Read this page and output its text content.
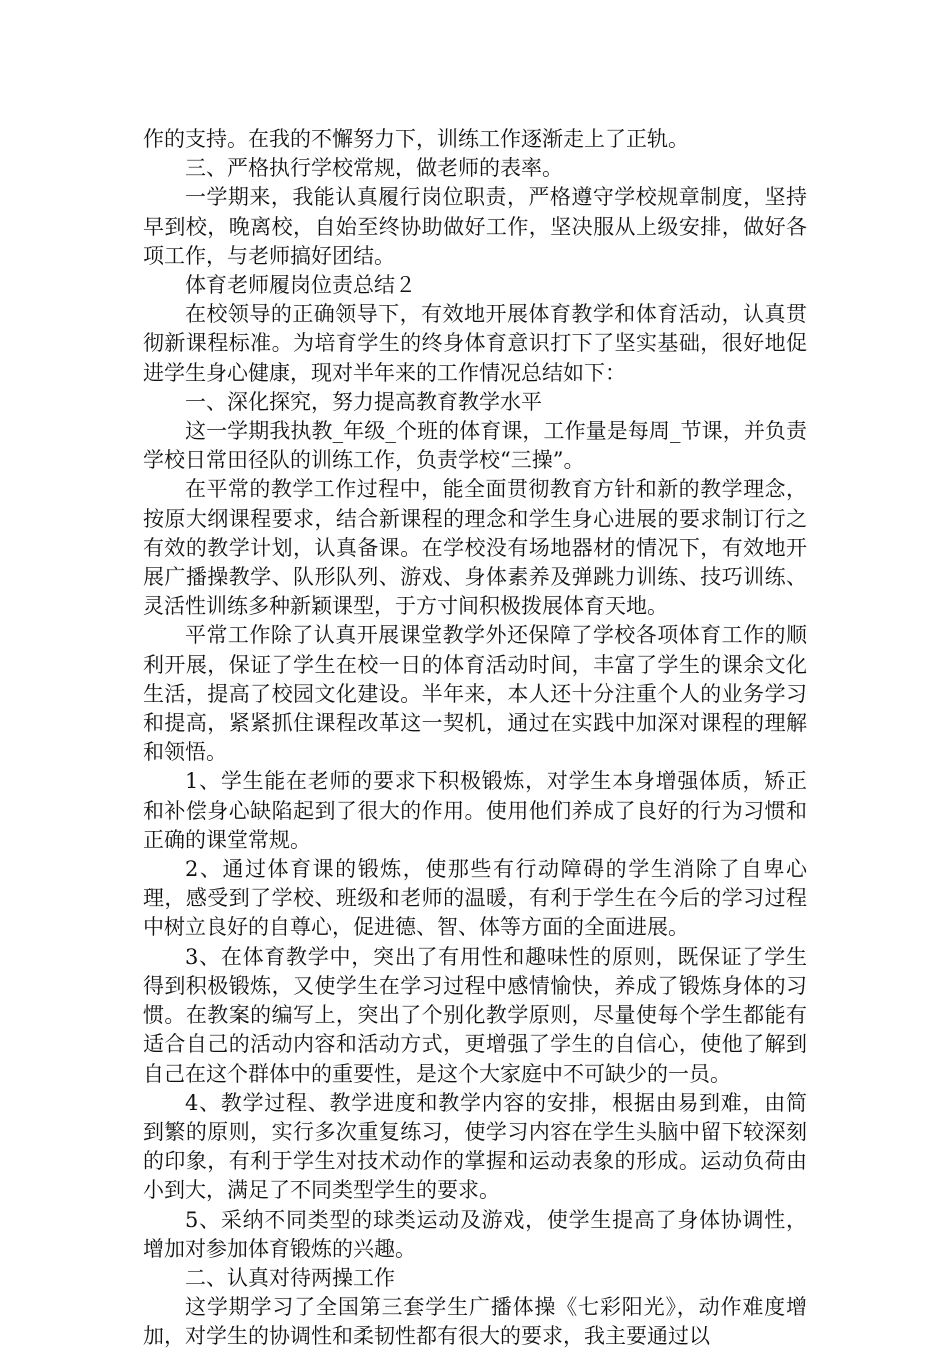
作的支持。在我的不懈努力下，训练工作逐渐走上了正轨。

三、严格执行学校常规，做老师的表率。

一学期来，我能认真履行岗位职责，严格遵守学校规章制度，坚持早到校，晚离校，自始至终协助做好工作，坚决服从上级安排，做好各项工作，与老师搞好团结。

体育老师履岗位责总结２

在校领导的正确领导下，有效地开展体育教学和体育活动，认真贯彻新课程标准。为培育学生的终身体育意识打下了坚实基础，很好地促进学生身心健康，现对半年来的工作情况总结如下：

一、深化探究，努力提高教育教学水平

这一学期我执教_年级_个班的体育课，工作量是每周_节课，并负责学校日常田径队的训练工作，负责学校“三操”。

在平常的教学工作过程中，能全面贯彻教育方针和新的教学理念，按原大纲课程要求，结合新课程的理念和学生身心进展的要求制订行之有效的教学计划，认真备课。在学校没有场地器材的情况下，有效地开展广播操教学、队形队列、游戏、身体素养及弹跳力训练、技巧训练、灵活性训练多种新颖课型，于方寸间积极拨展体育天地。

平常工作除了认真开展课堂教学外还保障了学校各项体育工作的顺利开展，保证了学生在校一日的体育活动时间，丰富了学生的课余文化生活，提高了校园文化建设。半年来，本人还十分注重个人的业务学习和提高，紧紧抓住课程改革这一契机，通过在实践中加深对课程的理解和领悟。

1、学生能在老师的要求下积极锻炼，对学生本身增强体质，矫正和补偿身心缺陷起到了很大的作用。使用他们养成了良好的行为习惯和正确的课堂常规。

2、通过体育课的锻炼，使那些有行动障碍的学生消除了自卑心理，感受到了学校、班级和老师的温暖，有利于学生在今后的学习过程中树立良好的自尊心，促进德、智、体等方面的全面进展。

3、在体育教学中，突出了有用性和趣味性的原则，既保证了学生得到积极锻炼，又使学生在学习过程中感情愉快，养成了锻炼身体的习惯。在教案的编写上，突出了个别化教学原则，尽量使每个学生都能有适合自己的活动内容和活动方式，更增强了学生的自信心，使他了解到自己在这个群体中的重要性，是这个大家庭中不可缺少的一员。

4、教学过程、教学进度和教学内容的安排，根据由易到难，由简到繁的原则，实行多次重复练习，使学习内容在学生头脑中留下较深刻的印象，有利于学生对技术动作的掌握和运动表象的形成。运动负荷由小到大，满足了不同类型学生的要求。

5、采纳不同类型的球类运动及游戏，使学生提高了身体协调性，增加对参加体育锻炼的兴趣。

二、认真对待两操工作

这学期学习了全国第三套学生广播体操《七彩阳光》，动作难度增加，对学生的协调性和柔韧性都有很大的要求，我主要通过以
